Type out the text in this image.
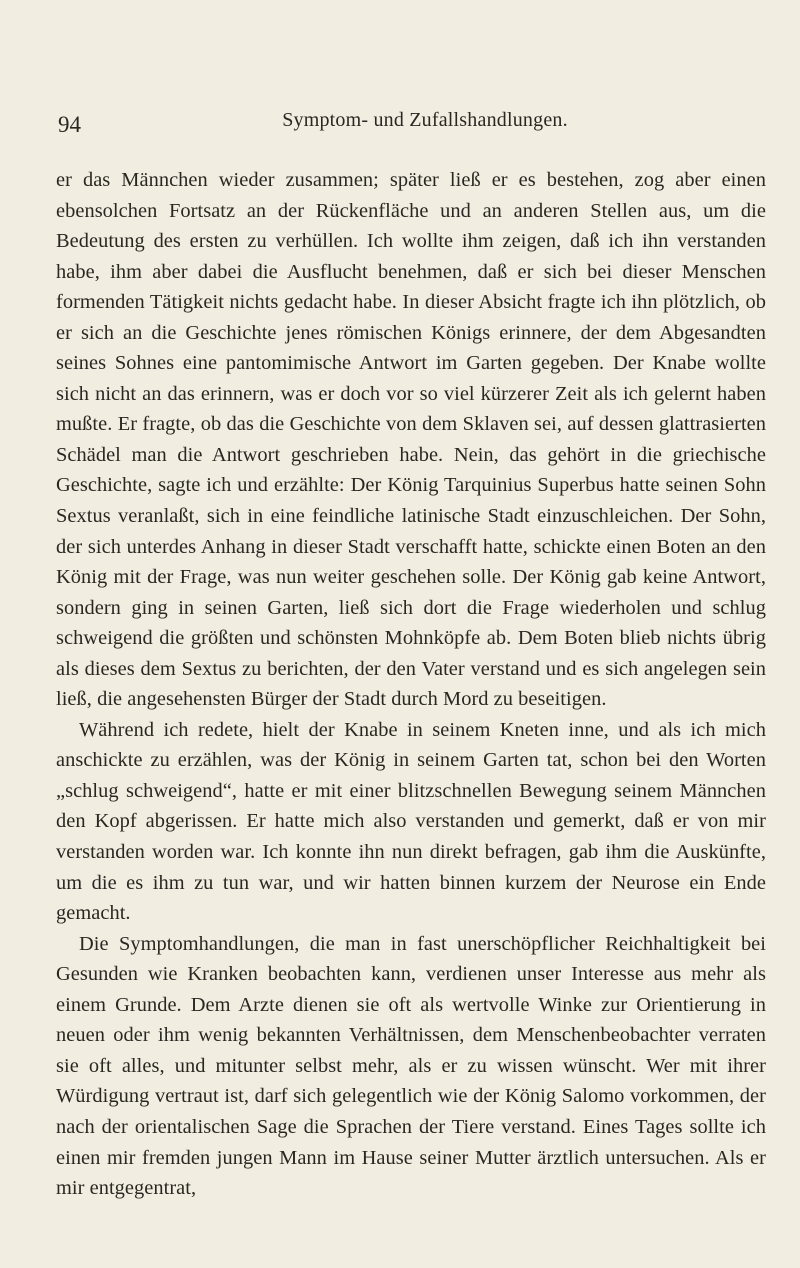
94	Symptom- und Zufallshandlungen.

er das Männchen wieder zusammen; später ließ er es bestehen, zog aber einen ebensolchen Fortsatz an der Rückenfläche und an anderen Stellen aus, um die Bedeutung des ersten zu verhüllen. Ich wollte ihm zeigen, daß ich ihn verstanden habe, ihm aber dabei die Ausflucht benehmen, daß er sich bei dieser Menschen formenden Tätigkeit nichts gedacht habe. In dieser Absicht fragte ich ihn plötzlich, ob er sich an die Geschichte jenes römischen Königs erinnere, der dem Abgesandten seines Sohnes eine pantomimische Antwort im Garten gegeben. Der Knabe wollte sich nicht an das erinnern, was er doch vor so viel kürzerer Zeit als ich gelernt haben mußte. Er fragte, ob das die Geschichte von dem Sklaven sei, auf dessen glattrasierten Schädel man die Antwort geschrieben habe. Nein, das gehört in die griechische Geschichte, sagte ich und erzählte: Der König Tarquinius Superbus hatte seinen Sohn Sextus veranlaßt, sich in eine feindliche latinische Stadt einzuschleichen. Der Sohn, der sich unterdes Anhang in dieser Stadt verschafft hatte, schickte einen Boten an den König mit der Frage, was nun weiter geschehen solle. Der König gab keine Antwort, sondern ging in seinen Garten, ließ sich dort die Frage wiederholen und schlug schweigend die größten und schönsten Mohnköpfe ab. Dem Boten blieb nichts übrig als dieses dem Sextus zu berichten, der den Vater verstand und es sich angelegen sein ließ, die angesehensten Bürger der Stadt durch Mord zu beseitigen.

Während ich redete, hielt der Knabe in seinem Kneten inne, und als ich mich anschickte zu erzählen, was der König in seinem Garten tat, schon bei den Worten „schlug schweigend“, hatte er mit einer blitzschnellen Bewegung seinem Männchen den Kopf abgerissen. Er hatte mich also verstanden und gemerkt, daß er von mir verstanden worden war. Ich konnte ihn nun direkt befragen, gab ihm die Auskünfte, um die es ihm zu tun war, und wir hatten binnen kurzem der Neurose ein Ende gemacht.

Die Symptomhandlungen, die man in fast unerschöpflicher Reichhaltigkeit bei Gesunden wie Kranken beobachten kann, verdienen unser Interesse aus mehr als einem Grunde. Dem Arzte dienen sie oft als wertvolle Winke zur Orientierung in neuen oder ihm wenig bekannten Verhältnissen, dem Menschenbeobachter verraten sie oft alles, und mitunter selbst mehr, als er zu wissen wünscht. Wer mit ihrer Würdigung vertraut ist, darf sich gelegentlich wie der König Salomo vorkommen, der nach der orientalischen Sage die Sprachen der Tiere verstand. Eines Tages sollte ich einen mir fremden jungen Mann im Hause seiner Mutter ärztlich untersuchen. Als er mir entgegentrat,
